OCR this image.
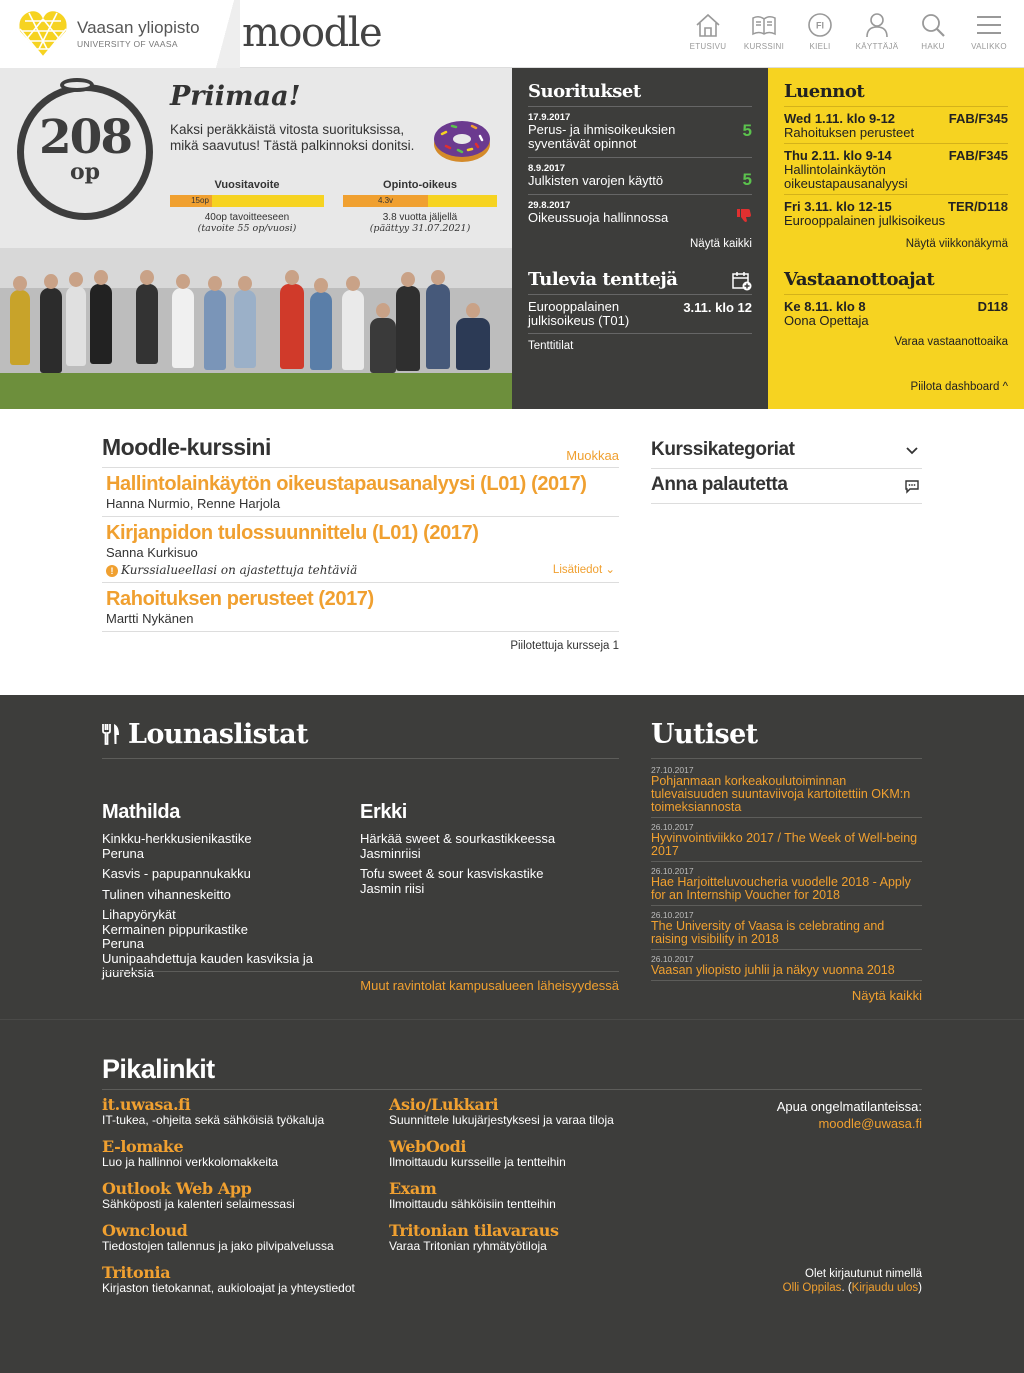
Vaasan yliopisto
UNIVERSITY OF VAASA moodle	ETUSIVU	KURSSINI
FI
KIELI	KÄYTTÄJÄ	HAKU	VALIKKO
208
op
Priimaa!
Kaksi peräkkäistä vitosta suorituksissa, mikä saavutus! Tästä palkinnoksi donitsi.
Vuositavoite
15op
40op tavoitteeseen
(tavoite 55 op/vuosi)
Opinto-oikeus
4.3v
3.8 vuotta jäljellä
(päättyy 31.07.2021)
Suoritukset
17.9.2017
Perus- ja ihmisoikeuksien syventävät opinnot
5
8.9.2017
Julkisten varojen käyttö	5
29.8.2017
Oikeussuoja hallinnossa
Näytä kaikki
Tulevia tenttejä
Eurooppalainen julkisoikeus (T01)
3.11. klo 12
Tenttitilat
Luennot
Wed 1.11. klo 9-12	FAB/F345
Rahoituksen perusteet
Thu 2.11. klo 9-14	FAB/F345
Hallintolainkäytön oikeustapausanalyysi
Fri 3.11. klo 12-15	TER/D118
Eurooppalainen julkisoikeus
Näytä viikkonäkymä
Vastaanottoajat
Ke 8.11. klo 8	D118
Oona Opettaja
Varaa vastaanottoaika
Piilota dashboard ^
Moodle-kurssini	Muokkaa
Hallintolainkäytön oikeustapausanalyysi (L01) (2017)
Hanna Nurmio, Renne Harjola
Kirjanpidon tulossuunnittelu (L01) (2017)
Sanna Kurkisuo
! Kurssialueellasi on ajastettuja tehtäviä	Lisätiedot ⌄
Rahoituksen perusteet (2017)
Martti Nykänen
Piilotettuja kursseja 1
Kurssikategoriat
Anna palautetta
Lounaslistat
Mathilda
Kinkku-herkkusienikastike
Peruna
Kasvis - papupannukakku
Tulinen vihanneskeitto
Lihapyörykät
Kermainen pippurikastike
Peruna
Uunipaahdettuja kauden kasviksia ja juureksia
Erkki
Härkää sweet & sourkastikkeessa
Jasminriisi
Tofu sweet & sour kasviskastike
Jasmin riisi
Muut ravintolat kampusalueen läheisyydessä
Uutiset
27.10.2017
Pohjanmaan korkeakoulutoiminnan tulevaisuuden suuntaviivoja kartoitettiin OKM:n toimeksiannosta
26.10.2017
Hyvinvointiviikko 2017 / The Week of Well-being 2017
26.10.2017
Hae Harjoitteluvoucheria vuodelle 2018 - Apply for an Internship Voucher for 2018
26.10.2017
The University of Vaasa is celebrating and raising visibility in 2018
26.10.2017
Vaasan yliopisto juhlii ja näkyy vuonna 2018
Näytä kaikki
Pikalinkit
it.uwasa.fi
IT-tukea, -ohjeita sekä sähköisiä työkaluja
E-lomake
Luo ja hallinnoi verkkolomakkeita
Outlook Web App
Sähköposti ja kalenteri selaimessasi
Owncloud
Tiedostojen tallennus ja jako pilvipalvelussa
Tritonia
Kirjaston tietokannat, aukioloajat ja yhteystiedot
Asio/Lukkari
Suunnittele lukujärjestyksesi ja varaa tiloja
WebOodi
Ilmoittaudu kursseille ja tentteihin
Exam
Ilmoittaudu sähköisiin tentteihin
Tritonian tilavaraus
Varaa Tritonian ryhmätyötiloja
Apua ongelmatilanteissa:
moodle@uwasa.fi
Olet kirjautunut nimellä
Olli Oppilas. (Kirjaudu ulos)
